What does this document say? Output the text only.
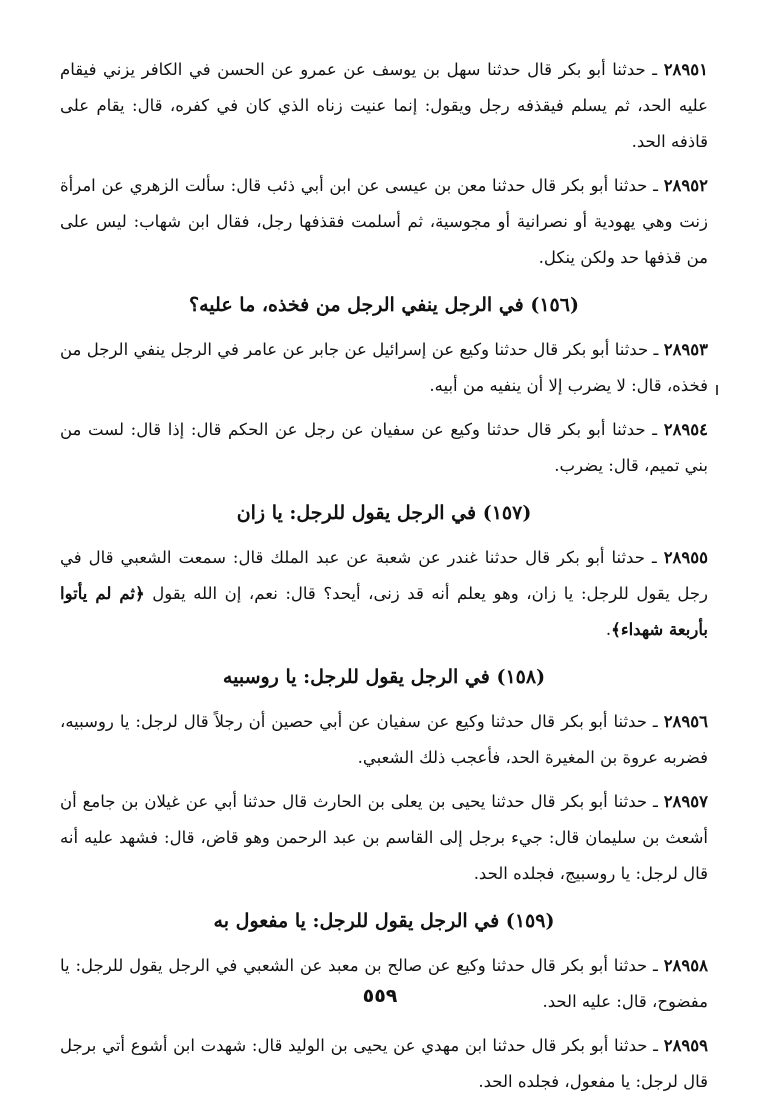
٢٨٩٥١ ـ حدثنا أبو بكر قال حدثنا سهل بن يوسف عن عمرو عن الحسن في الكافر يزني فيقام عليه الحد، ثم يسلم فيقذفه رجل ويقول: إنما عنيت زناه الذي كان في كفره، قال: يقام على قاذفه الحد.

٢٨٩٥٢ ـ حدثنا أبو بكر قال حدثنا معن بن عيسى عن ابن أبي ذئب قال: سألت الزهري عن امرأة زنت وهي يهودية أو نصرانية أو مجوسية، ثم أسلمت فقذفها رجل، فقال ابن شهاب: ليس على من قذفها حد ولكن ينكل.

(١٥٦) في الرجل ينفي الرجل من فخذه، ما عليه؟

٢٨٩٥٣ ـ حدثنا أبو بكر قال حدثنا وكيع عن إسرائيل عن جابر عن عامر في الرجل ينفي الرجل من فخذه، قال: لا يضرب إلا أن ينفيه من أبيه.

٢٨٩٥٤ ـ حدثنا أبو بكر قال حدثنا وكيع عن سفيان عن رجل عن الحكم قال: إذا قال: لست من بني تميم، قال: يضرب.

(١٥٧) في الرجل يقول للرجل: يا زان

٢٨٩٥٥ ـ حدثنا أبو بكر قال حدثنا غندر عن شعبة عن عبد الملك قال: سمعت الشعبي قال في رجل يقول للرجل: يا زان، وهو يعلم أنه قد زنى، أيحد؟ قال: نعم، إن الله يقول ﴿ثم لم يأتوا بأربعة شهداء﴾.

(١٥٨) في الرجل يقول للرجل: يا روسبيه

٢٨٩٥٦ ـ حدثنا أبو بكر قال حدثنا وكيع عن سفيان عن أبي حصين أن رجلاً قال لرجل: يا روسبيه، فضربه عروة بن المغيرة الحد، فأعجب ذلك الشعبي.

٢٨٩٥٧ ـ حدثنا أبو بكر قال حدثنا يحيى بن يعلى بن الحارث قال حدثنا أبي عن غيلان بن جامع أن أشعث بن سليمان قال: جيء برجل إلى القاسم بن عبد الرحمن وهو قاض، قال: فشهد عليه أنه قال لرجل: يا روسبيج، فجلده الحد.

(١٥٩) في الرجل يقول للرجل: يا مفعول به

٢٨٩٥٨ ـ حدثنا أبو بكر قال حدثنا وكيع عن صالح بن معبد عن الشعبي في الرجل يقول للرجل: يا مفضوح، قال: عليه الحد.

٢٨٩٥٩ ـ حدثنا أبو بكر قال حدثنا ابن مهدي عن يحيى بن الوليد قال: شهدت ابن أشوع أتي برجل قال لرجل: يا مفعول، فجلده الحد.

٥٥٩
